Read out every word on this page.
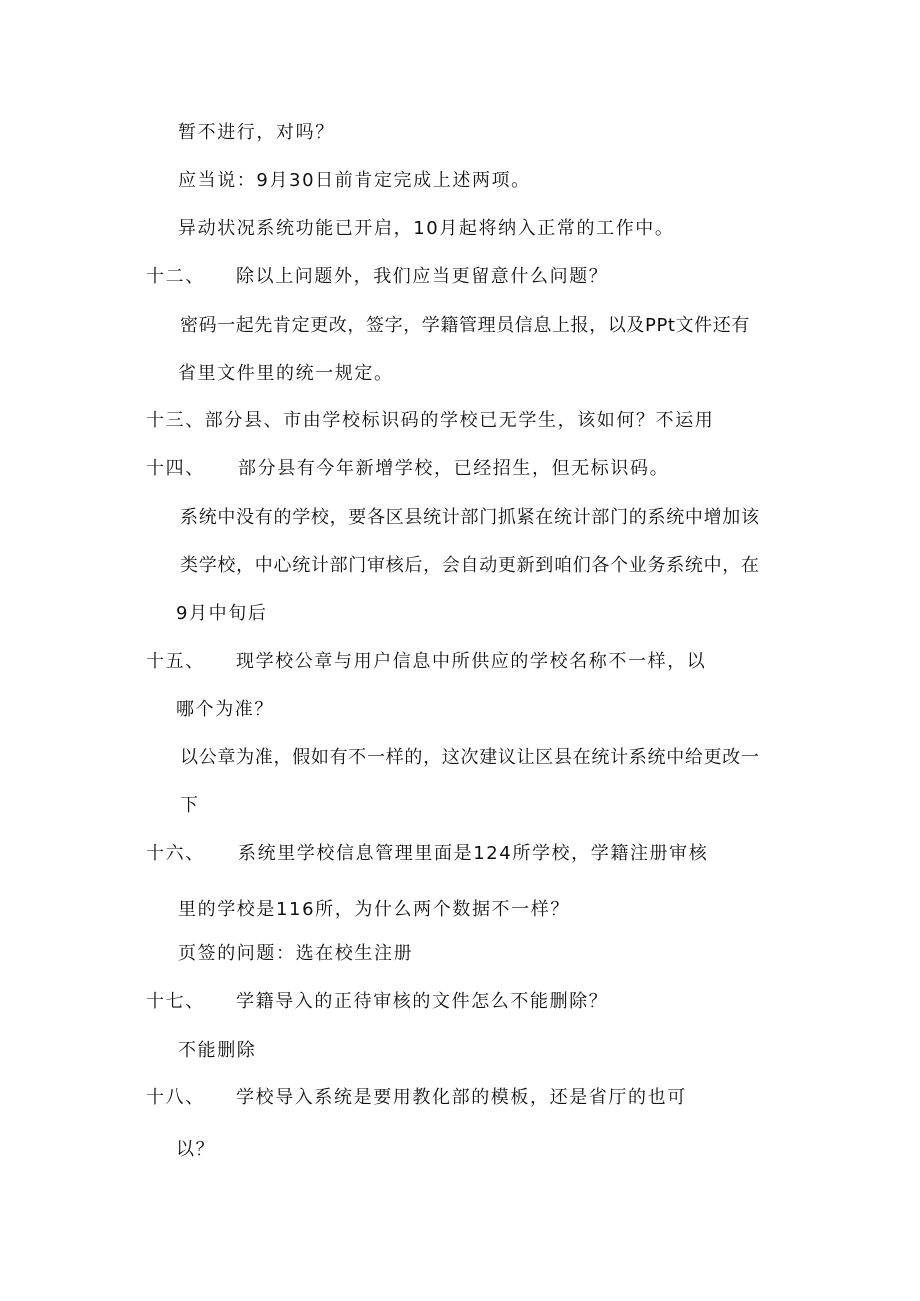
暂不进行，对吗？
应当说：9月30日前肯定完成上述两项。
异动状况系统功能已开启，10月起将纳入正常的工作中。
十二、 除以上问题外，我们应当更留意什么问题？
密码一起先肯定更改，签字，学籍管理员信息上报，以及PPt文件还有
省里文件里的统一规定。
十三、部分县、市由学校标识码的学校已无学生，该如何？不运用
十四、 部分县有今年新增学校，已经招生，但无标识码。
系统中没有的学校，要各区县统计部门抓紧在统计部门的系统中增加该
类学校，中心统计部门审核后，会自动更新到咱们各个业务系统中，在
9月中旬后
十五、 现学校公章与用户信息中所供应的学校名称不一样，以
哪个为准？
以公章为准，假如有不一样的，这次建议让区县在统计系统中给更改一
下
十六、 系统里学校信息管理里面是124所学校，学籍注册审核
里的学校是116所，为什么两个数据不一样？
页签的问题：选在校生注册
十七、 学籍导入的正待审核的文件怎么不能删除？
不能删除
十八、 学校导入系统是要用教化部的模板，还是省厅的也可
以？
